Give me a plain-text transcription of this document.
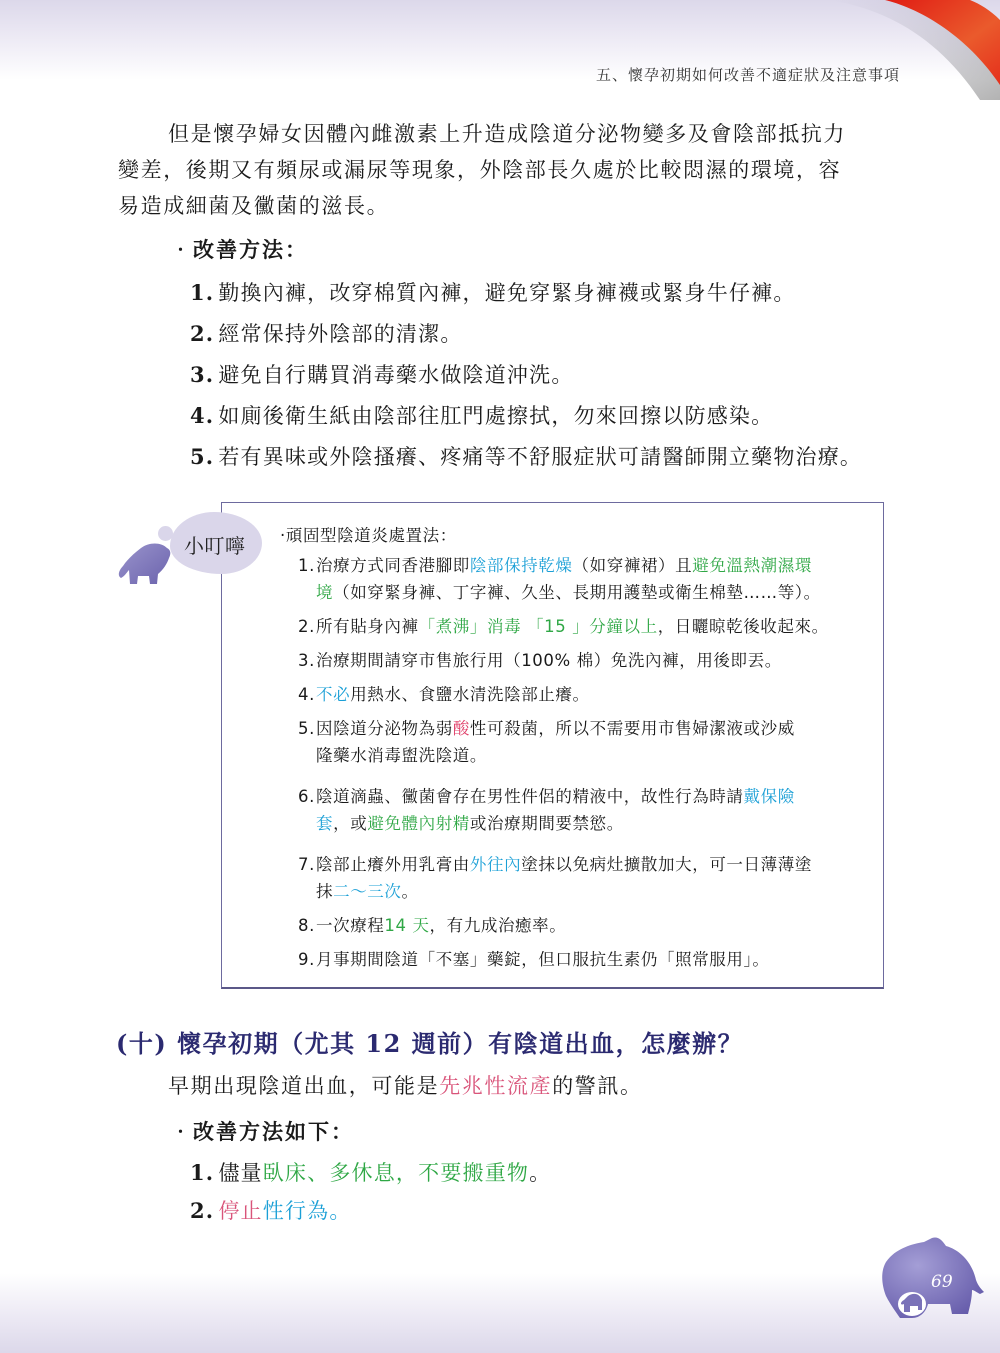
五、懷孕初期如何改善不適症狀及注意事項
但是懷孕婦女因體內雌激素上升造成陰道分泌物變多及會陰部抵抗力
變差，後期又有頻尿或漏尿等現象，外陰部長久處於比較悶濕的環境，容
易造成細菌及黴菌的滋長。
‧改善方法：
1. 勤換內褲，改穿棉質內褲，避免穿緊身褲襪或緊身牛仔褲。
2. 經常保持外陰部的清潔。
3. 避免自行購買消毒藥水做陰道沖洗。
4. 如廁後衛生紙由陰部往肛門處擦拭，勿來回擦以防感染。
5. 若有異味或外陰搔癢、疼痛等不舒服症狀可請醫師開立藥物治療。
小叮嚀 ‧頑固型陰道炎處置法：
1. 治療方式同香港腳即陰部保持乾燥（如穿褲裙）且避免溫熱潮濕環
境（如穿緊身褲、丁字褲、久坐、長期用護墊或衛生棉墊……等）。
2. 所有貼身內褲「煮沸」消毒 「15 」分鐘以上，日曬晾乾後收起來。
3. 治療期間請穿市售旅行用（100% 棉）免洗內褲，用後即丟。
4. 不必用熱水、食鹽水清洗陰部止癢。
5. 因陰道分泌物為弱酸性可殺菌，所以不需要用市售婦潔液或沙威
隆藥水消毒盥洗陰道。
6. 陰道滴蟲、黴菌會存在男性件侶的精液中，故性行為時請戴保險
套，或避免體內射精或治療期間要禁慾。
7. 陰部止癢外用乳膏由外往內塗抹以免病灶擴散加大，可一日薄薄塗
抹二～三次。
8. 一次療程14 天，有九成治癒率。
9. 月事期間陰道「不塞」藥錠，但口服抗生素仍「照常服用」。
(十) 懷孕初期（尤其 12 週前）有陰道出血，怎麼辦？
早期出現陰道出血，可能是先兆性流產的警訊。
‧改善方法如下：
1. 儘量臥床、多休息，不要搬重物。
2. 停止性行為。
69
